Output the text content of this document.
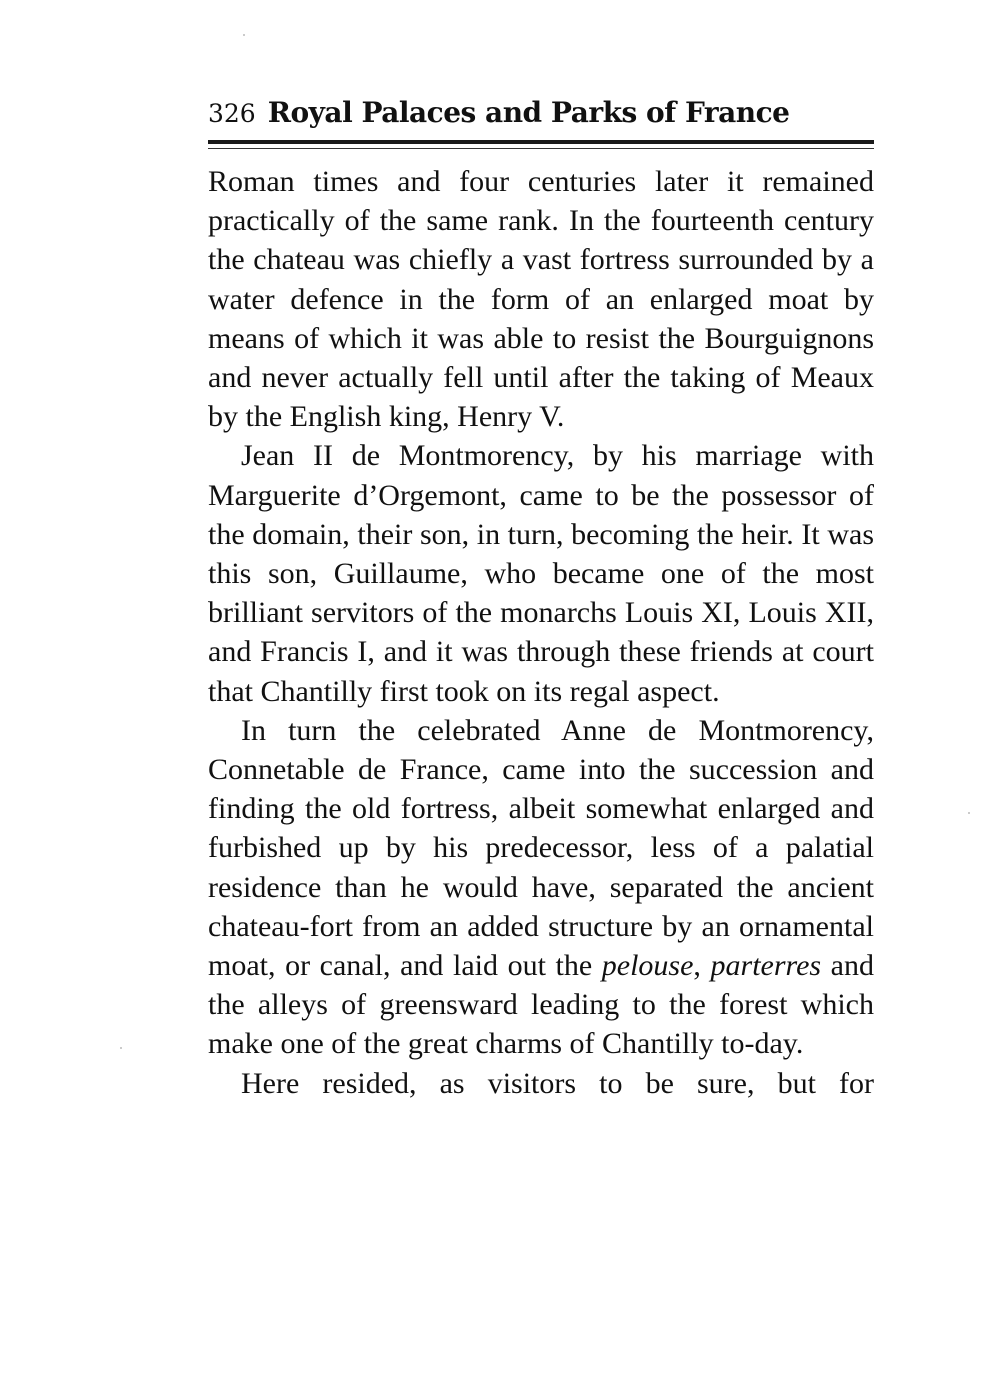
326 Royal Palaces and Parks of France

Roman times and four centuries later it remained practically of the same rank. In the fourteenth century the chateau was chiefly a vast fortress surrounded by a water defence in the form of an enlarged moat by means of which it was able to resist the Bourguignons and never actually fell until after the taking of Meaux by the English king, Henry V.

Jean II de Montmorency, by his marriage with Marguerite d’Orgemont, came to be the possessor of the domain, their son, in turn, becoming the heir. It was this son, Guillaume, who became one of the most brilliant servitors of the monarchs Louis XI, Louis XII, and Francis I, and it was through these friends at court that Chantilly first took on its regal aspect.

In turn the celebrated Anne de Montmorency, Connetable de France, came into the succession and finding the old fortress, albeit somewhat enlarged and furbished up by his predecessor, less of a palatial residence than he would have, separated the ancient chateau-fort from an added structure by an ornamental moat, or canal, and laid out the pelouse, parterres and the alleys of greensward leading to the forest which make one of the great charms of Chantilly to-day.

Here resided, as visitors to be sure, but for
